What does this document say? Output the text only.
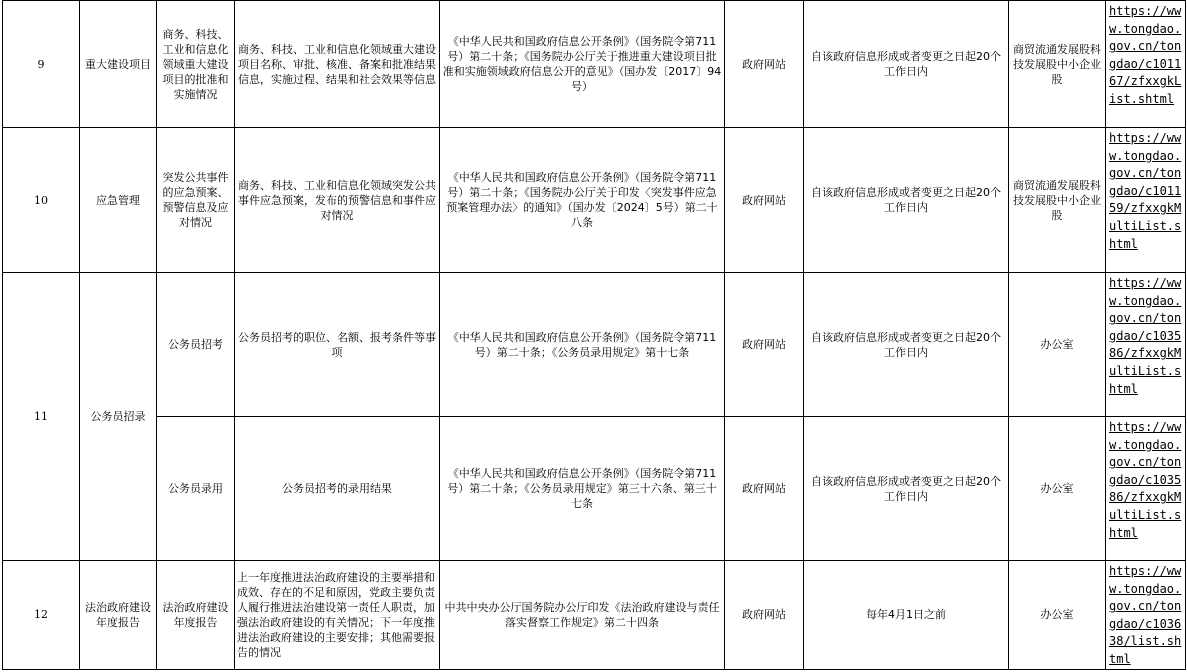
9	重大建设项目	商务、科技、工业和信息化领域重大建设项目的批准和实施情况	商务、科技、工业和信息化领域重大建设项目名称、审批、核准、备案和批准结果信息，实施过程、结果和社会效果等信息	《中华人民共和国政府信息公开条例》（国务院令第711号）第二十条；《国务院办公厅关于推进重大建设项目批准和实施领域政府信息公开的意见》（国办发〔2017〕94号）	政府网站	自该政府信息形成或者变更之日起20个工作日内	商贸流通发展股科技发展股中小企业股	https://www.tongdao.gov.cn/tongdao/c101167/zfxxgkList.shtml
10	应急管理	突发公共事件的应急预案、预警信息及应对情况	商务、科技、工业和信息化领域突发公共事件应急预案，发布的预警信息和事件应对情况	《中华人民共和国政府信息公开条例》（国务院令第711号）第二十条；《国务院办公厅关于印发〈突发事件应急预案管理办法〉的通知》（国办发〔2024〕5号）第二十八条	政府网站	自该政府信息形成或者变更之日起20个工作日内	商贸流通发展股科技发展股中小企业股	https://www.tongdao.gov.cn/tongdao/c101159/zfxxgkMultiList.shtml
11	公务员招录	公务员招考	公务员招考的职位、名额、报考条件等事项	《中华人民共和国政府信息公开条例》（国务院令第711号）第二十条；《公务员录用规定》第十七条	政府网站	自该政府信息形成或者变更之日起20个工作日内	办公室	https://www.tongdao.gov.cn/tongdao/c103586/zfxxgkMultiList.shtml
		公务员录用	公务员招考的录用结果	《中华人民共和国政府信息公开条例》（国务院令第711号）第二十条；《公务员录用规定》第三十六条、第三十七条	政府网站	自该政府信息形成或者变更之日起20个工作日内	办公室	https://www.tongdao.gov.cn/tongdao/c103586/zfxxgkMultiList.shtml
12	法治政府建设年度报告	法治政府建设年度报告	上一年度推进法治政府建设的主要举措和成效、存在的不足和原因，党政主要负责人履行推进法治建设第一责任人职责，加强法治政府建设的有关情况；下一年度推进法治政府建设的主要安排；其他需要报告的情况	中共中央办公厅国务院办公厅印发《法治政府建设与责任落实督察工作规定》第二十四条	政府网站	每年4月1日之前	办公室	https://www.tongdao.gov.cn/tongdao/c103638/list.shtml
